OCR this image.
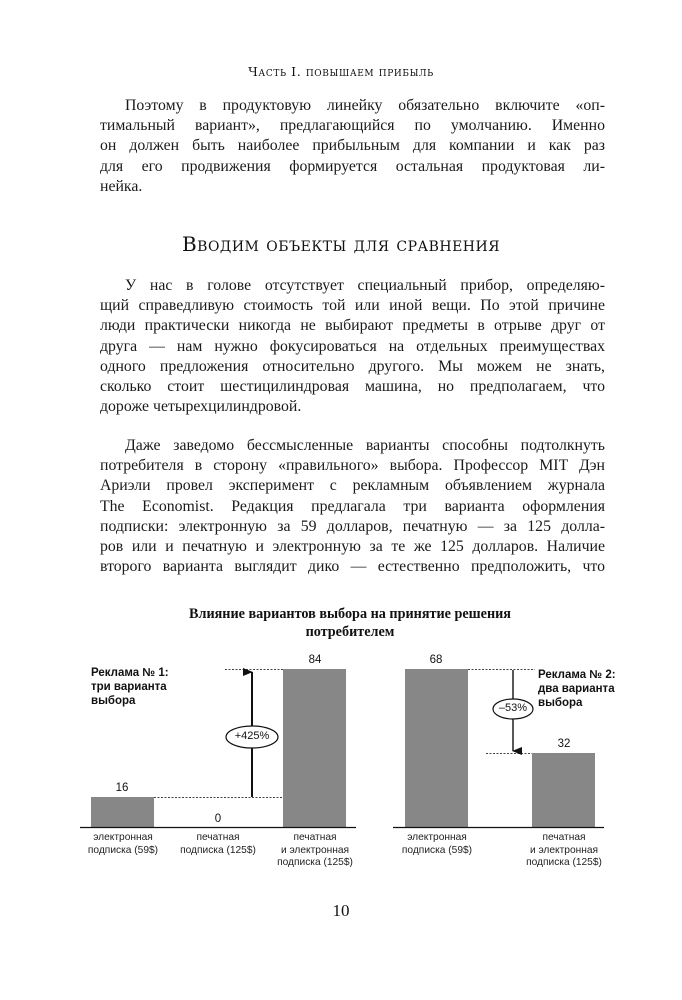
Часть I. повышаем прибыль
Поэтому в продуктовую линейку обязательно включите «оп-
тимальный вариант», предлагающийся по умолчанию. Именно
он должен быть наиболее прибыльным для компании и как раз
для его продвижения формируется остальная продуктовая ли-
нейка.
Вводим объекты для сравнения
У нас в голове отсутствует специальный прибор, определяю-
щий справедливую стоимость той или иной вещи. По этой причине
люди практически никогда не выбирают предметы в отрыве друг от
друга — нам нужно фокусироваться на отдельных преимуществах
одного предложения относительно другого. Мы можем не знать,
сколько стоит шестицилиндровая машина, но предполагаем, что
дороже четырехцилиндровой.
Даже заведомо бессмысленные варианты способны подтолкнуть
потребителя в сторону «правильного» выбора. Профессор MIT Дэн
Ариэли провел эксперимент с рекламным объявлением журнала
The Economist. Редакция предлагала три варианта оформления
подписки: электронную за 59 долларов, печатную — за 125 долла-
ров или и печатную и электронную за те же 125 долларов. Наличие
второго варианта выглядит дико — естественно предположить, что
Влияние вариантов выбора на принятие решения
потребителем
Реклама № 1:
три варианта
выбора
16
0
84
+425%
электронная
подписка (59$)
печатная
подписка (125$)
печатная
и электронная
подписка (125$)
Реклама № 2:
два варианта
выбора
68
32
–53%
электронная
подписка (59$)
печатная
и электронная
подписка (125$)
10
